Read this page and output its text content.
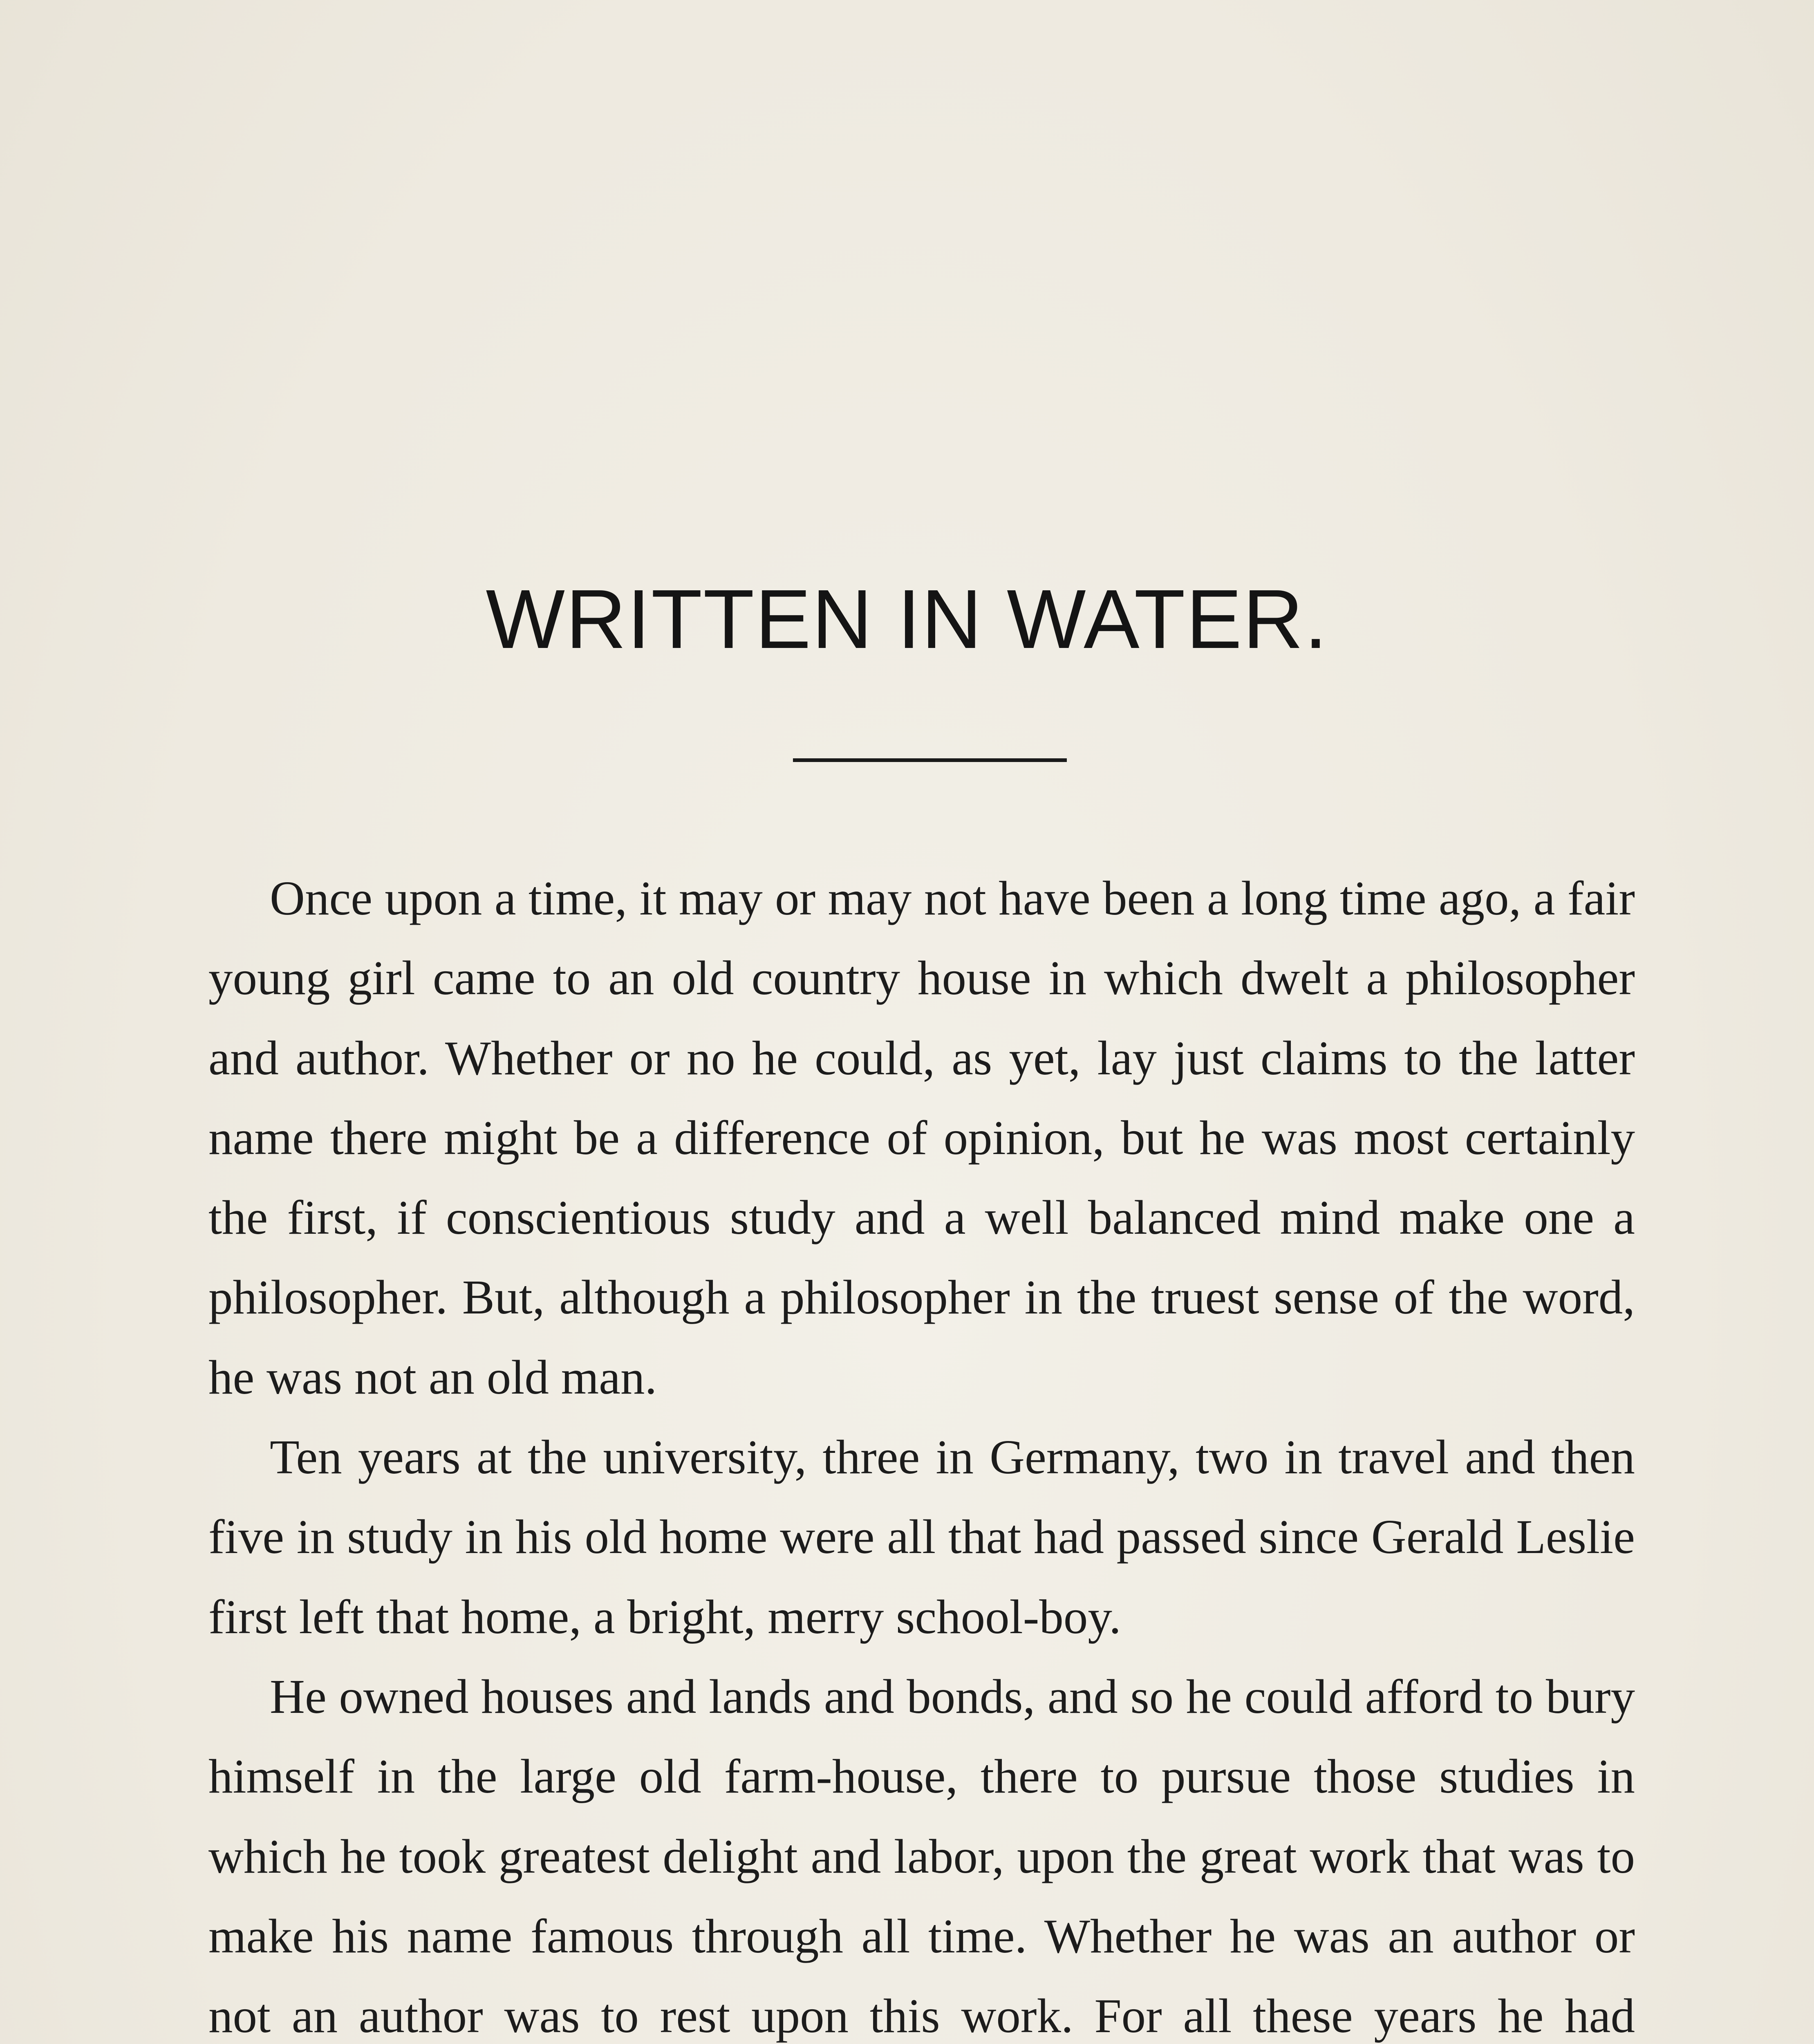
WRITTEN IN WATER.

Once upon a time, it may or may not have been a long time ago, a fair young girl came to an old country house in which dwelt a philosopher and author. Whether or no he could, as yet, lay just claims to the latter name there might be a difference of opinion, but he was most certainly the first, if conscientious study and a well balanced mind make one a philosopher. But, although a philosopher in the truest sense of the word, he was not an old man.

Ten years at the university, three in Germany, two in travel and then five in study in his old home were all that had passed since Gerald Leslie first left that home, a bright, merry school-boy.

He owned houses and lands and bonds, and so he could afford to bury himself in the large old farm-house, there to pursue those studies in which he took greatest delight and labor, upon the great work that was to make his name famous through all time. Whether he was an author or not an author was to rest upon this work. For all these years he had
